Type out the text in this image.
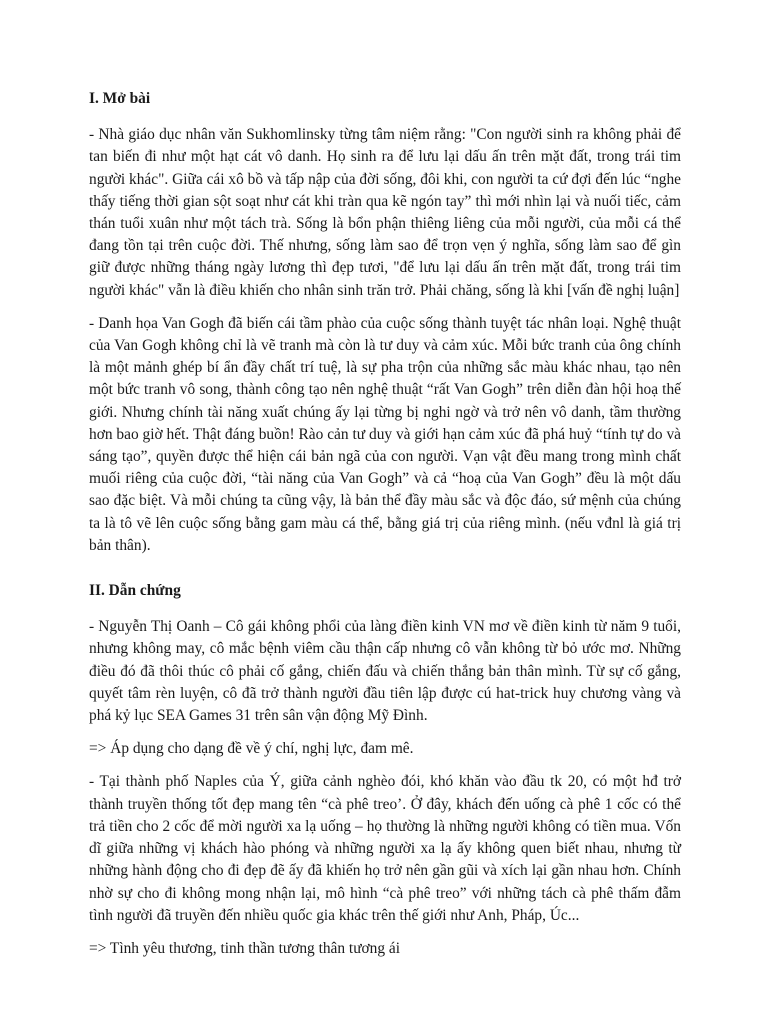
I. Mở bài
- Nhà giáo dục nhân văn Sukhomlinsky từng tâm niệm rằng: "Con người sinh ra không phải để tan biến đi như một hạt cát vô danh. Họ sinh ra để lưu lại dấu ấn trên mặt đất, trong trái tim người khác". Giữa cái xô bồ và tấp nập của đời sống, đôi khi, con người ta cứ đợi đến lúc “nghe thấy tiếng thời gian sột soạt như cát khi tràn qua kẽ ngón tay” thì mới nhìn lại và nuối tiếc, cảm thán tuổi xuân như một tách trà. Sống là bổn phận thiêng liêng của mỗi người, của mỗi cá thể đang tồn tại trên cuộc đời. Thế nhưng, sống làm sao để trọn vẹn ý nghĩa, sống làm sao để gìn giữ được những tháng ngày lương thì đẹp tươi, "để lưu lại dấu ấn trên mặt đất, trong trái tim người khác" vẫn là điều khiến cho nhân sinh trăn trở. Phải chăng, sống là khi [vấn đề nghị luận]
- Danh họa Van Gogh đã biến cái tầm phào của cuộc sống thành tuyệt tác nhân loại. Nghệ thuật của Van Gogh không chỉ là vẽ tranh mà còn là tư duy và cảm xúc. Mỗi bức tranh của ông chính là một mảnh ghép bí ẩn đầy chất trí tuệ, là sự pha trộn của những sắc màu khác nhau, tạo nên một bức tranh vô song, thành công tạo nên nghệ thuật “rất Van Gogh” trên diễn đàn hội hoạ thế giới. Nhưng chính tài năng xuất chúng ấy lại từng bị nghi ngờ và trở nên vô danh, tầm thường hơn bao giờ hết. Thật đáng buồn! Rào cản tư duy và giới hạn cảm xúc đã phá huỷ “tính tự do và sáng tạo”, quyền được thể hiện cái bản ngã của con người. Vạn vật đều mang trong mình chất muối riêng của cuộc đời, “tài năng của Van Gogh” và cả “hoạ của Van Gogh” đều là một dấu sao đặc biệt. Và mỗi chúng ta cũng vậy, là bản thể đầy màu sắc và độc đáo, sứ mệnh của chúng ta là tô vẽ lên cuộc sống bằng gam màu cá thể, bằng giá trị của riêng mình. (nếu vđnl là giá trị bản thân).
II. Dẫn chứng
- Nguyễn Thị Oanh – Cô gái không phổi của làng điền kinh VN mơ về điền kinh từ năm 9 tuổi, nhưng không may, cô mắc bệnh viêm cầu thận cấp nhưng cô vẫn không từ bỏ ước mơ. Những điều đó đã thôi thúc cô phải cố gắng, chiến đấu và chiến thắng bản thân mình. Từ sự cố gắng, quyết tâm rèn luyện, cô đã trở thành người đầu tiên lập được cú hat-trick huy chương vàng và phá kỷ lục SEA Games 31 trên sân vận động Mỹ Đình.
=> Áp dụng cho dạng đề về ý chí, nghị lực, đam mê.
- Tại thành phố Naples của Ý, giữa cảnh nghèo đói, khó khăn vào đầu tk 20, có một hđ trở thành truyền thống tốt đẹp mang tên “cà phê treo’. Ở đây, khách đến uống cà phê 1 cốc có thể trả tiền cho 2 cốc để mời người xa lạ uống – họ thường là những người không có tiền mua. Vốn dĩ giữa những vị khách hào phóng và những người xa lạ ấy không quen biết nhau, nhưng từ những hành động cho đi đẹp đẽ ấy đã khiến họ trở nên gần gũi và xích lại gần nhau hơn. Chính nhờ sự cho đi không mong nhận lại, mô hình “cà phê treo” với những tách cà phê thấm đẫm tình người đã truyền đến nhiều quốc gia khác trên thế giới như Anh, Pháp, Úc...
=> Tình yêu thương, tinh thần tương thân tương ái
